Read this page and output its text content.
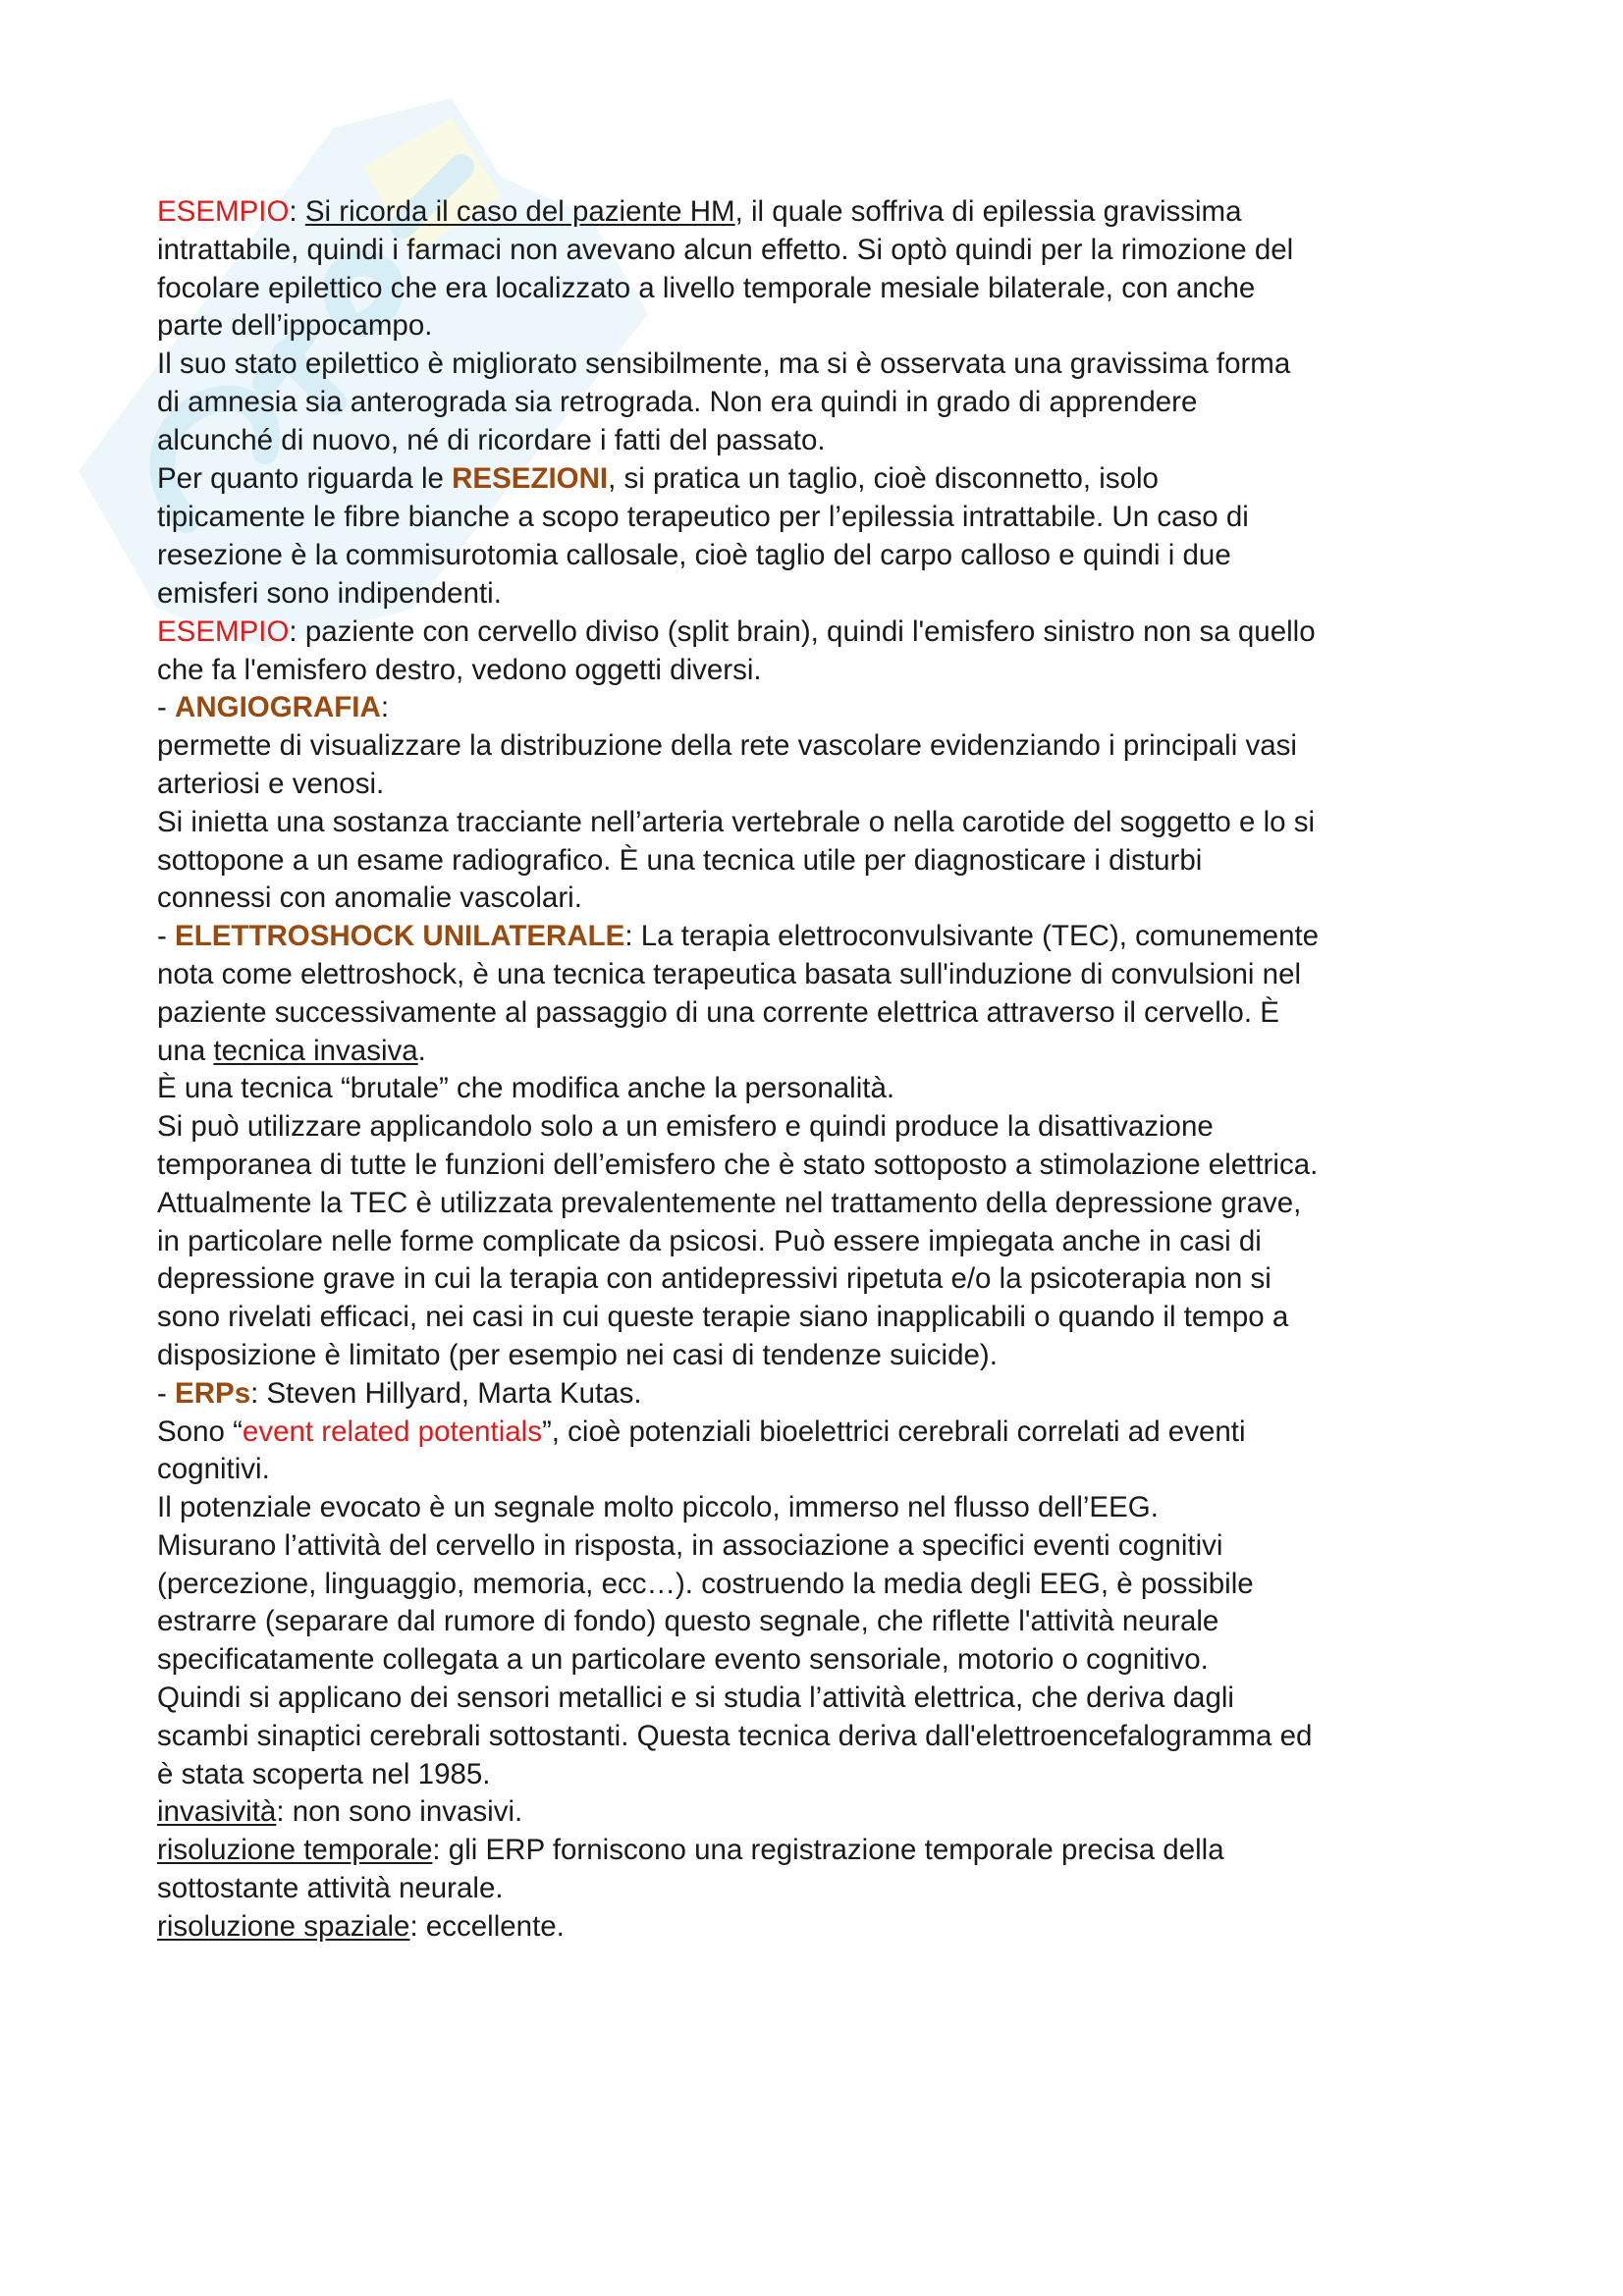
ESEMPIO: Si ricorda il caso del paziente HM, il quale soffriva di epilessia gravissima

intrattabile, quindi i farmaci non avevano alcun effetto. Si optò quindi per la rimozione del

focolare epilettico che era localizzato a livello temporale mesiale bilaterale, con anche

parte dell’ippocampo.

Il suo stato epilettico è migliorato sensibilmente, ma si è osservata una gravissima forma

di amnesia sia anterograda sia retrograda. Non era quindi in grado di apprendere

alcunché di nuovo, né di ricordare i fatti del passato.

Per quanto riguarda le RESEZIONI, si pratica un taglio, cioè disconnetto, isolo

tipicamente le fibre bianche a scopo terapeutico per l’epilessia intrattabile. Un caso di

resezione è la commisurotomia callosale, cioè taglio del carpo calloso e quindi i due

emisferi sono indipendenti.

ESEMPIO: paziente con cervello diviso (split brain), quindi l'emisfero sinistro non sa quello

che fa l'emisfero destro, vedono oggetti diversi.

- ANGIOGRAFIA:

permette di visualizzare la distribuzione della rete vascolare evidenziando i principali vasi

arteriosi e venosi.

Si inietta una sostanza tracciante nell’arteria vertebrale o nella carotide del soggetto e lo si

sottopone a un esame radiografico. È una tecnica utile per diagnosticare i disturbi

connessi con anomalie vascolari.

- ELETTROSHOCK UNILATERALE: La terapia elettroconvulsivante (TEC), comunemente

nota come elettroshock, è una tecnica terapeutica basata sull'induzione di convulsioni nel

paziente successivamente al passaggio di una corrente elettrica attraverso il cervello. È

una tecnica invasiva.

È una tecnica “brutale” che modifica anche la personalità.

Si può utilizzare applicandolo solo a un emisfero e quindi produce la disattivazione

temporanea di tutte le funzioni dell’emisfero che è stato sottoposto a stimolazione elettrica.

Attualmente la TEC è utilizzata prevalentemente nel trattamento della depressione grave,

in particolare nelle forme complicate da psicosi. Può essere impiegata anche in casi di

depressione grave in cui la terapia con antidepressivi ripetuta e/o la psicoterapia non si

sono rivelati efficaci, nei casi in cui queste terapie siano inapplicabili o quando il tempo a

disposizione è limitato (per esempio nei casi di tendenze suicide).

- ERPs: Steven Hillyard, Marta Kutas.

Sono “event related potentials”, cioè potenziali bioelettrici cerebrali correlati ad eventi

cognitivi.

Il potenziale evocato è un segnale molto piccolo, immerso nel flusso dell’EEG.

Misurano l’attività del cervello in risposta, in associazione a specifici eventi cognitivi

(percezione, linguaggio, memoria, ecc…). costruendo la media degli EEG, è possibile

estrarre (separare dal rumore di fondo) questo segnale, che riflette l'attività neurale

specificatamente collegata a un particolare evento sensoriale, motorio o cognitivo.

Quindi si applicano dei sensori metallici e si studia l’attività elettrica, che deriva dagli

scambi sinaptici cerebrali sottostanti. Questa tecnica deriva dall'elettroencefalogramma ed

è stata scoperta nel 1985.

invasività: non sono invasivi.

risoluzione temporale: gli ERP forniscono una registrazione temporale precisa della

sottostante attività neurale.

risoluzione spaziale: eccellente.
